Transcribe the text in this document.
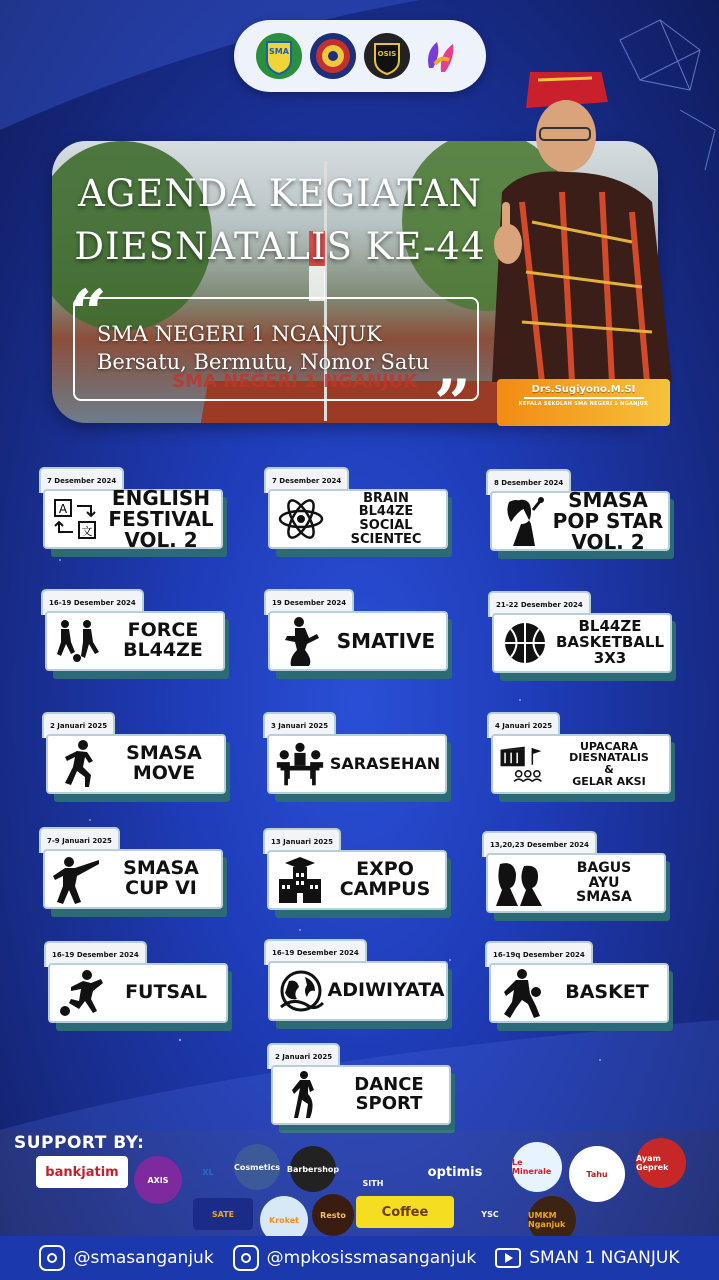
SMA	OSIS
SMA NEGERI 1 NGANJUK
AGENDA KEGIATAN
DIESNATALIS KE-44
“
”
SMA NEGERI 1 NGANJUK
Bersatu, Bermutu, Nomor Satu
Drs.Sugiyono.M.SI
KEPALA SEKOLAH SMA NEGERI 1 NGANJUK
7 Desember 2024
A
文
ENGLISH
FESTIVAL
VOL. 2
7 Desember 2024
BRAIN
BL44ZE
SOCIAL
SCIENTEC
8 Desember 2024
SMASA
POP STAR
VOL. 2
16-19 Desember 2024
FORCE
BL44ZE
19 Desember 2024
SMATIVE
21-22 Desember 2024
BL44ZE
BASKETBALL
3X3
2 Januari 2025
SMASA
MOVE
3 Januari 2025
SARASEHAN
4 Januari 2025
UPACARA
DIESNATALIS
&
GELAR AKSI
7-9 Januari 2025
SMASA
CUP VI
13 Januari 2025
EXPO
CAMPUS
13,20,23 Desember 2024
BAGUS
AYU
SMASA
16-19 Desember 2024
FUTSAL
16-19 Desember 2024
ADIWIYATA
16-19q Desember 2024
BASKET
2 Januari 2025
DANCE
SPORT
SUPPORT BY:
bankjatim
AXIS
XL
Cosmetics Barbershop
SITH
optimis
Le Minerale	Tahu
Ayam Geprek
SATE
Kroket
Resto	Coffee	YSC	UMKM Nganjuk
@smasanganjuk	@mpkosissmasanganjuk	SMAN 1 NGANJUK
